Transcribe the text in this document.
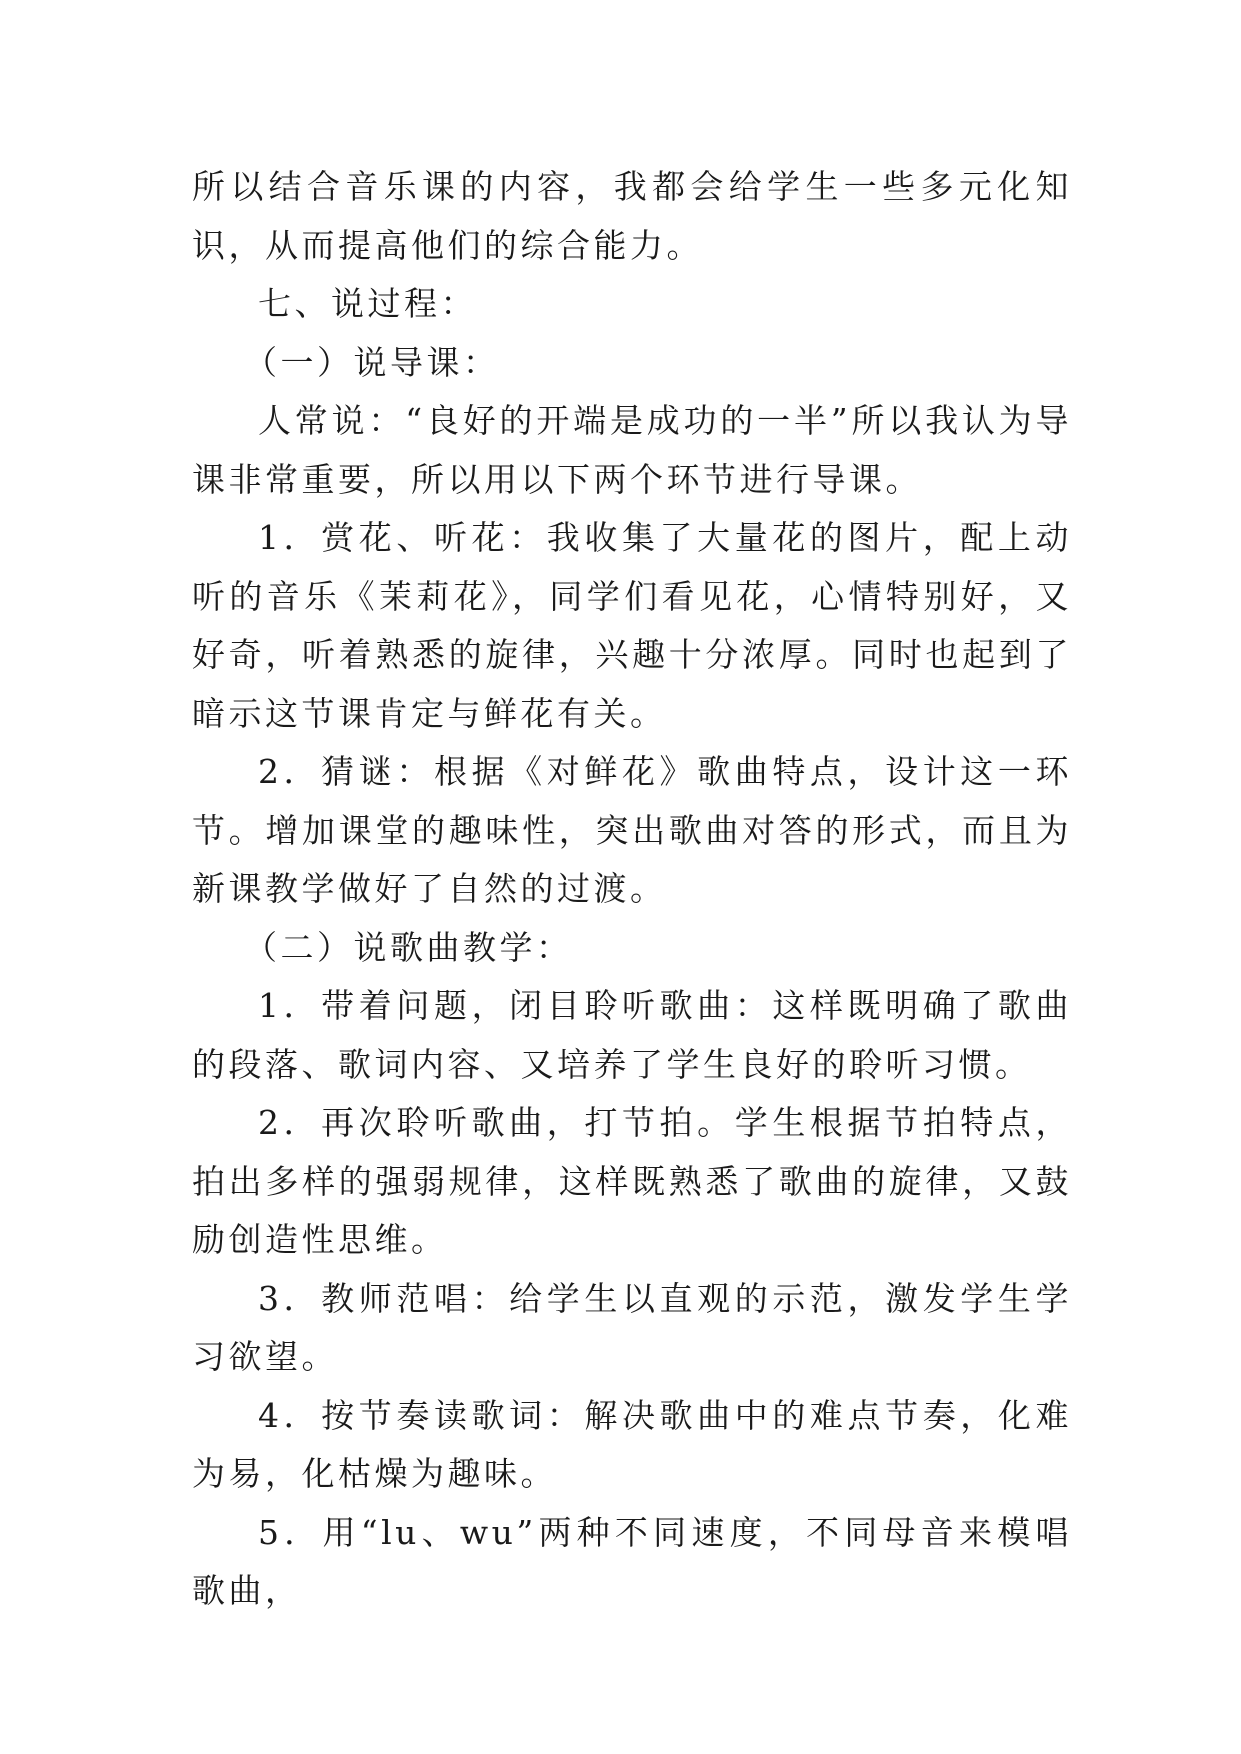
所以结合音乐课的内容，我都会给学生一些多元化知识，从而提高他们的综合能力。

七、说过程：

（一）说导课：

人常说：“良好的开端是成功的一半”所以我认为导课非常重要，所以用以下两个环节进行导课。

1．赏花、听花：我收集了大量花的图片，配上动听的音乐《茉莉花》，同学们看见花，心情特别好，又好奇，听着熟悉的旋律，兴趣十分浓厚。同时也起到了暗示这节课肯定与鲜花有关。

2．猜谜：根据《对鲜花》歌曲特点，设计这一环节。增加课堂的趣味性，突出歌曲对答的形式，而且为新课教学做好了自然的过渡。

（二）说歌曲教学：

1．带着问题，闭目聆听歌曲：这样既明确了歌曲的段落、歌词内容、又培养了学生良好的聆听习惯。

2．再次聆听歌曲，打节拍。学生根据节拍特点，拍出多样的强弱规律，这样既熟悉了歌曲的旋律，又鼓励创造性思维。

3．教师范唱：给学生以直观的示范，激发学生学习欲望。

4．按节奏读歌词：解决歌曲中的难点节奏，化难为易，化枯燥为趣味。

5．用“lu、wu”两种不同速度，不同母音来模唱歌曲，
